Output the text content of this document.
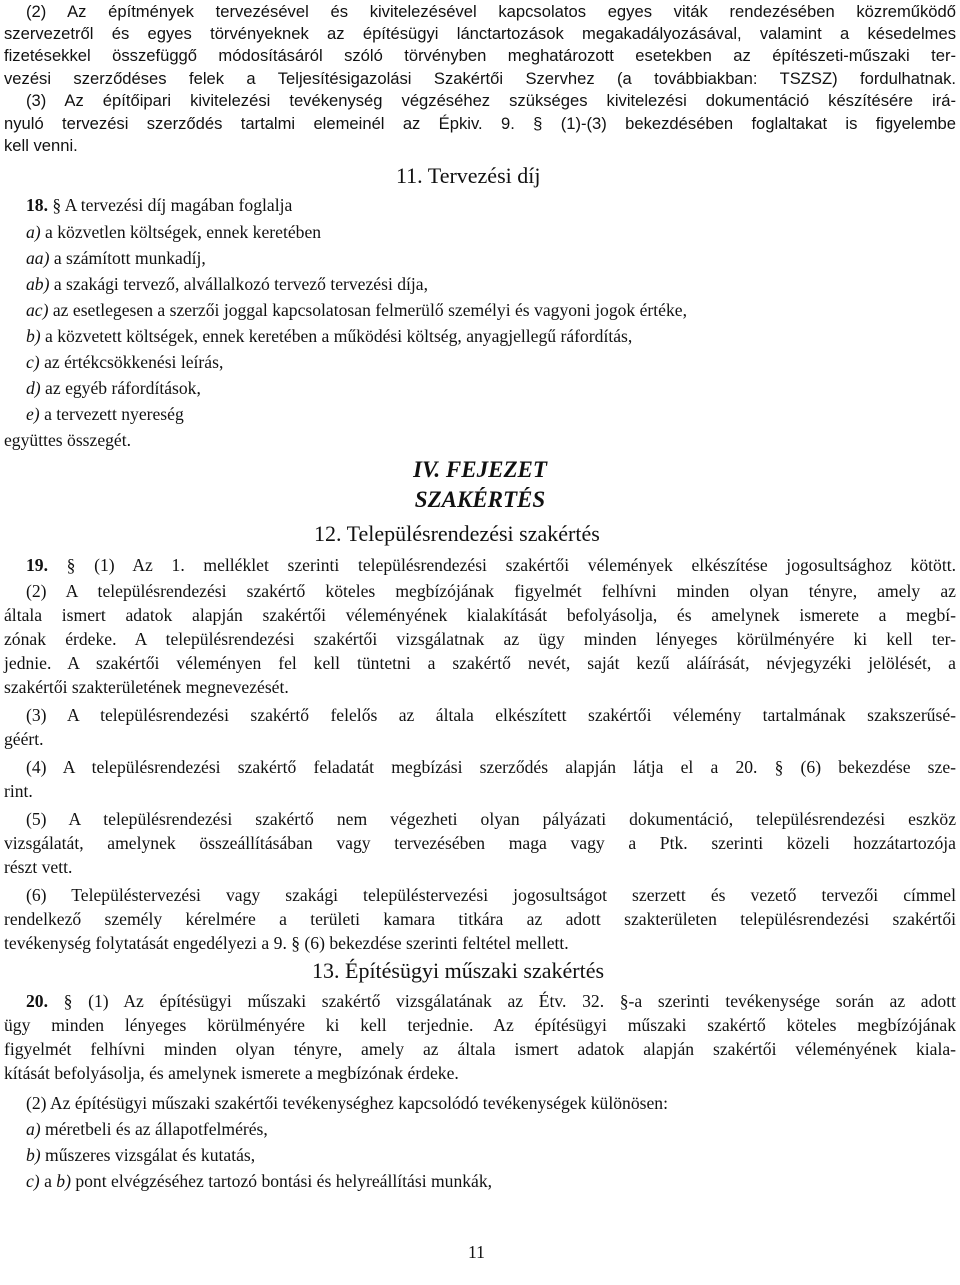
(2) Az építmények tervezésével és kivitelezésével kapcsolatos egyes viták rendezésében közreműködő
szervezetről és egyes törvényeknek az építésügyi lánctartozások megakadályozásával, valamint a késedelmes
fizetésekkel összefüggő módosításáról szóló törvényben meghatározott esetekben az építészeti-műszaki ter-
vezési szerződéses felek a Teljesítésigazolási Szakértői Szervhez (a továbbiakban: TSZSZ) fordulhatnak.
(3) Az építőipari kivitelezési tevékenység végzéséhez szükséges kivitelezési dokumentáció készítésére irá-
nyuló tervezési szerződés tartalmi elemeinél az Épkiv. 9. § (1)-(3) bekezdésében foglaltakat is figyelembe
kell venni.
11. Tervezési díj
18. § A tervezési díj magában foglalja
a) a közvetlen költségek, ennek keretében
aa) a számított munkadíj,
ab) a szakági tervező, alvállalkozó tervező tervezési díja,
ac) az esetlegesen a szerzői joggal kapcsolatosan felmerülő személyi és vagyoni jogok értéke,
b) a közvetett költségek, ennek keretében a működési költség, anyagjellegű ráfordítás,
c) az értékcsökkenési leírás,
d) az egyéb ráfordítások,
e) a tervezett nyereség
együttes összegét.
IV. FEJEZET
SZAKÉRTÉS
12. Településrendezési szakértés
19. § (1) Az 1. melléklet szerinti településrendezési szakértői vélemények elkészítése jogosultsághoz kötött.
(2) A településrendezési szakértő köteles megbízójának figyelmét felhívni minden olyan tényre, amely az
általa ismert adatok alapján szakértői véleményének kialakítását befolyásolja, és amelynek ismerete a megbí-
zónak érdeke. A településrendezési szakértői vizsgálatnak az ügy minden lényeges körülményére ki kell ter-
jednie. A szakértői véleményen fel kell tüntetni a szakértő nevét, saját kezű aláírását, névjegyzéki jelölését, a
szakértői szakterületének megnevezését.
(3) A településrendezési szakértő felelős az általa elkészített szakértői vélemény tartalmának szakszerűsé-
géért.
(4) A településrendezési szakértő feladatát megbízási szerződés alapján látja el a 20. § (6) bekezdése sze-
rint.
(5) A településrendezési szakértő nem végezheti olyan pályázati dokumentáció, településrendezési eszköz
vizsgálatát, amelynek összeállításában vagy tervezésében maga vagy a Ptk. szerinti közeli hozzátartozója
részt vett.
(6) Településtervezési vagy szakági településtervezési jogosultságot szerzett és vezető tervezői címmel
rendelkező személy kérelmére a területi kamara titkára az adott szakterületen településrendezési szakértői
tevékenység folytatását engedélyezi a 9. § (6) bekezdése szerinti feltétel mellett.
13. Építésügyi műszaki szakértés
20. § (1) Az építésügyi műszaki szakértő vizsgálatának az Étv. 32. §-a szerinti tevékenysége során az adott
ügy minden lényeges körülményére ki kell terjednie. Az építésügyi műszaki szakértő köteles megbízójának
figyelmét felhívni minden olyan tényre, amely az általa ismert adatok alapján szakértői véleményének kiala-
kítását befolyásolja, és amelynek ismerete a megbízónak érdeke.
(2) Az építésügyi műszaki szakértői tevékenységhez kapcsolódó tevékenységek különösen:
a) méretbeli és az állapotfelmérés,
b) műszeres vizsgálat és kutatás,
c) a b) pont elvégzéséhez tartozó bontási és helyreállítási munkák,
11
